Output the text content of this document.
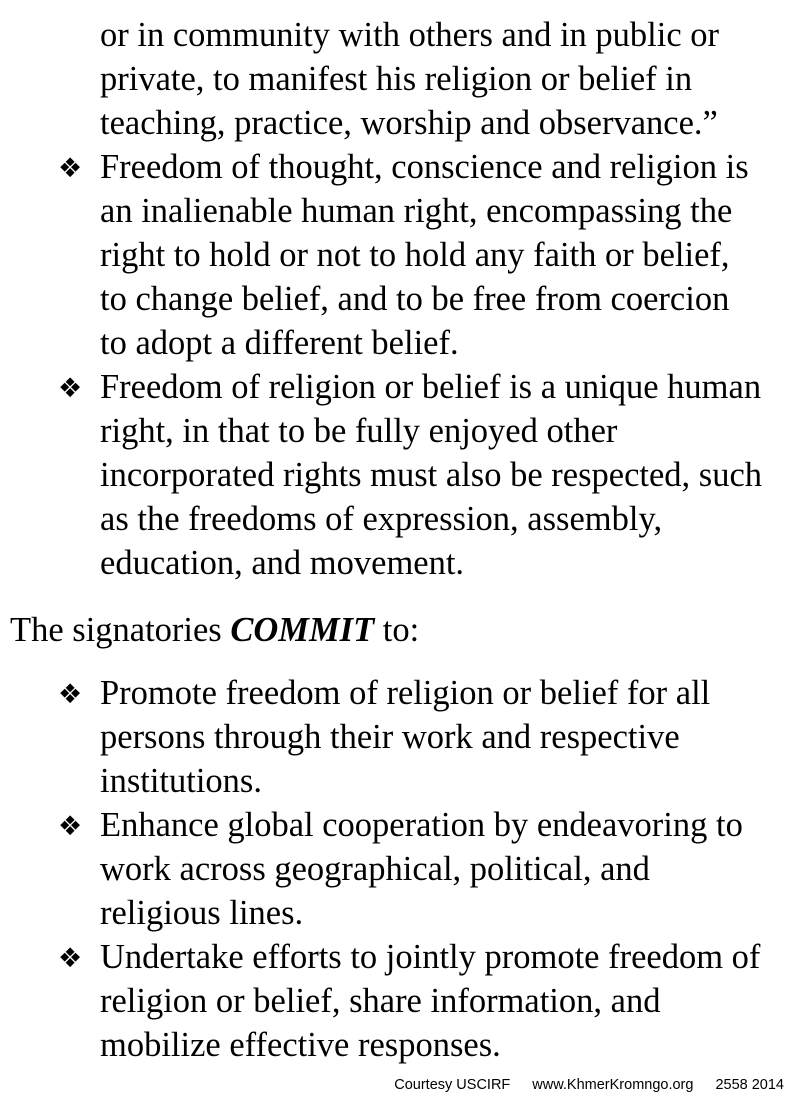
or in community with others and in public or
private, to manifest his religion or belief in
teaching, practice, worship and observance.”
❖ Freedom of thought, conscience and religion is
an inalienable human right, encompassing the
right to hold or not to hold any faith or belief,
to change belief, and to be free from coercion
to adopt a different belief.
❖ Freedom of religion or belief is a unique human
right, in that to be fully enjoyed other
incorporated rights must also be respected, such
as the freedoms of expression, assembly,
education, and movement.
The signatories COMMIT to:
❖ Promote freedom of religion or belief for all
persons through their work and respective
institutions.
❖ Enhance global cooperation by endeavoring to
work across geographical, political, and
religious lines.
❖ Undertake efforts to jointly promote freedom of
religion or belief, share information, and
mobilize effective responses.
Courtesy USCIRF www.KhmerKromngo.org 2558 2014
